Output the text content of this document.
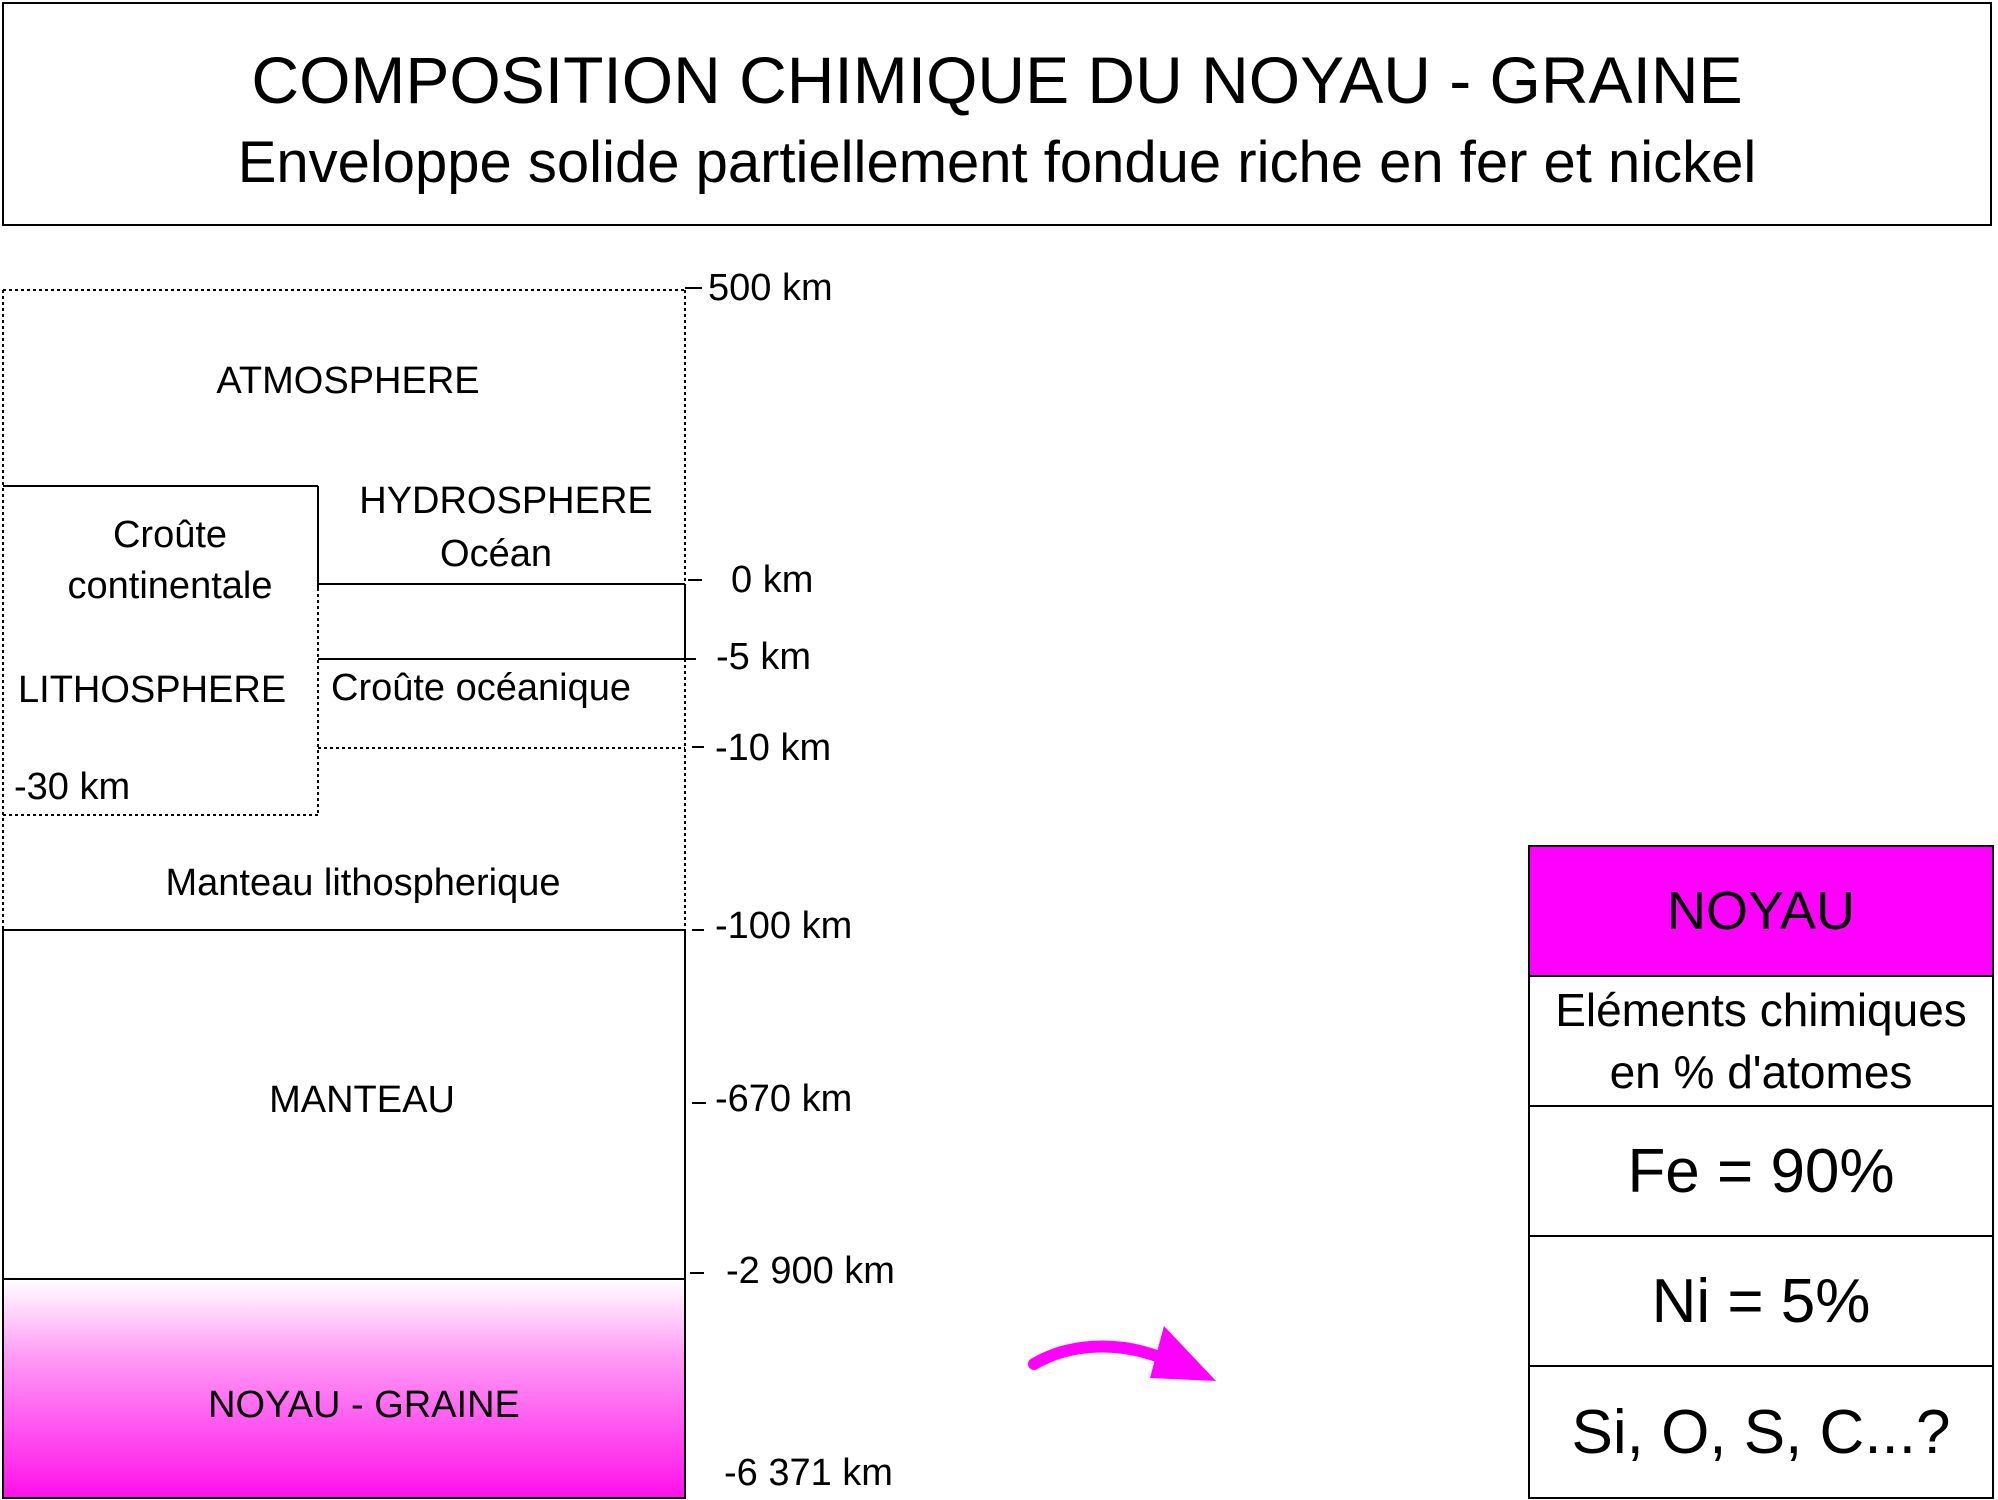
COMPOSITION CHIMIQUE DU NOYAU - GRAINE
Enveloppe solide partiellement fondue riche en fer et nickel
ATMOSPHERE
HYDROSPHERE
Océan
Croûte
continentale
LITHOSPHERE Croûte océanique
-30 km
Manteau lithospherique
MANTEAU
NOYAU - GRAINE
500 km
0 km
-5 km
-10 km
-100 km
-670 km
-2 900 km
-6 371 km
NOYAU
Eléments chimiques
en % d'atomes
Fe = 90%
Ni = 5%
Si, O, S, C...?
